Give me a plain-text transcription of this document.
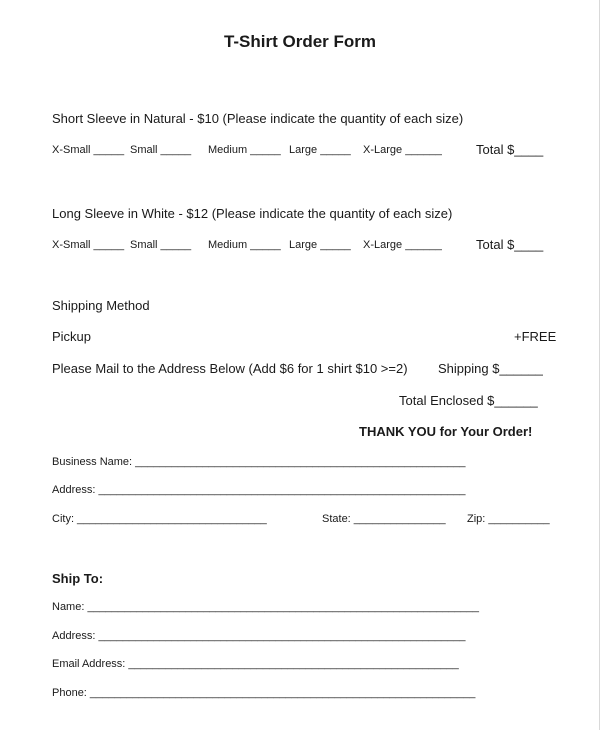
T-Shirt Order Form

Short Sleeve in Natural - $10 (Please indicate the quantity of each size)

X-Small _____ Small _____ Medium _____ Large _____ X-Large ______	Total $____

Long Sleeve in White - $12 (Please indicate the quantity of each size)

X-Small _____ Small _____ Medium _____ Large _____ X-Large ______	Total $____

Shipping Method

Pickup	+FREE
Please Mail to the Address Below (Add $6 for 1 shirt $10 >=2) Shipping $______
Total Enclosed $______
THANK YOU for Your Order!
Business Name: ______________________________________________________
Address: ____________________________________________________________
City: _______________________________	State: _______________ Zip: __________
Ship To:
Name: ________________________________________________________________
Address: ____________________________________________________________
Email Address: ______________________________________________________
Phone: _______________________________________________________________
